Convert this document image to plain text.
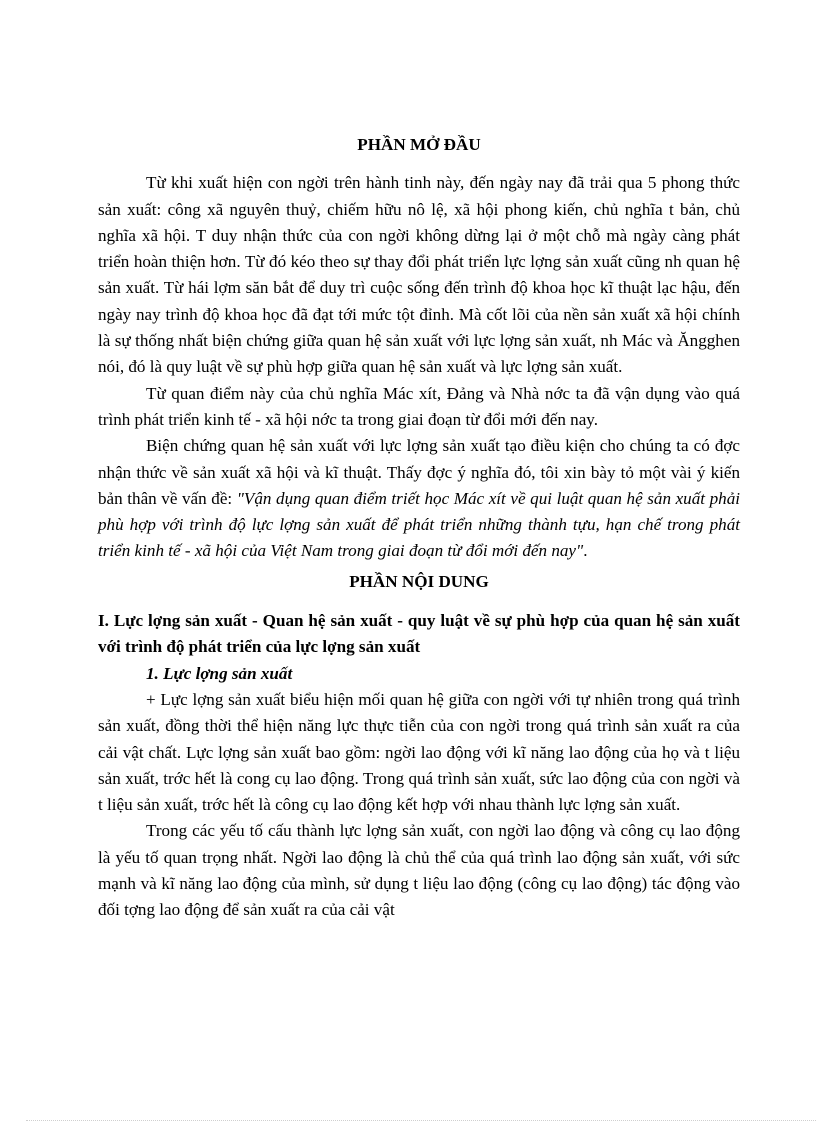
PHẦN MỞ ĐẦU

Từ khi xuất hiện con ngời trên hành tinh này, đến ngày nay đã trải qua 5 phong thức sản xuất: công xã nguyên thuỷ, chiếm hữu nô lệ, xã hội phong kiến, chủ nghĩa t bản, chủ nghĩa xã hội. T duy nhận thức của con ngời không dừng lại ở một chỗ mà ngày càng phát triển hoàn thiện hơn. Từ đó kéo theo sự thay đổi phát triển lực lợng sản xuất cũng nh quan hệ sản xuất. Từ hái lợm săn bắt để duy trì cuộc sống đến trình độ khoa học kĩ thuật lạc hậu, đến ngày nay trình độ khoa học đã đạt tới mức tột đỉnh. Mà cốt lõi của nền sản xuất xã hội chính là sự thống nhất biện chứng giữa quan hệ sản xuất với lực lợng sản xuất, nh Mác và Ăngghen nói, đó là quy luật về sự phù hợp giữa quan hệ sản xuất và lực lợng sản xuất.

Từ quan điểm này của chủ nghĩa Mác xít, Đảng và Nhà nớc ta đã vận dụng vào quá trình phát triển kinh tế - xã hội nớc ta trong giai đoạn từ đổi mới đến nay.

Biện chứng quan hệ sản xuất với lực lợng sản xuất tạo điều kiện cho chúng ta có đợc nhận thức về sản xuất xã hội và kĩ thuật. Thấy đợc ý nghĩa đó, tôi xin bày tỏ một vài ý kiến bản thân về vấn đề: "Vận dụng quan điểm triết học Mác xít về qui luật quan hệ sản xuất phải phù hợp với trình độ lực lợng sản xuất để phát triển những thành tựu, hạn chế trong phát triển kinh tế - xã hội của Việt Nam trong giai đoạn từ đổi mới đến nay".

PHẦN NỘI DUNG

I. Lực lợng sản xuất - Quan hệ sản xuất - quy luật về sự phù hợp của quan hệ sản xuất với trình độ phát triển của lực lợng sản xuất

1. Lực lợng sản xuất

+ Lực lợng sản xuất biểu hiện mối quan hệ giữa con ngời với tự nhiên trong quá trình sản xuất, đồng thời thể hiện năng lực thực tiễn của con ngời trong quá trình sản xuất ra của cải vật chất. Lực lợng sản xuất bao gồm: ngời lao động với kĩ năng lao động của họ và t liệu sản xuất, trớc hết là cong cụ lao động. Trong quá trình sản xuất, sức lao động của con ngời và t liệu sản xuất, trớc hết là công cụ lao động kết hợp với nhau thành lực lợng sản xuất.

Trong các yếu tố cấu thành lực lợng sản xuất, con ngời lao động và công cụ lao động là yếu tố quan trọng nhất. Ngời lao động là chủ thể của quá trình lao động sản xuất, với sức mạnh và kĩ năng lao động của mình, sử dụng t liệu lao động (công cụ lao động) tác động vào đối tợng lao động để sản xuất ra của cải vật
